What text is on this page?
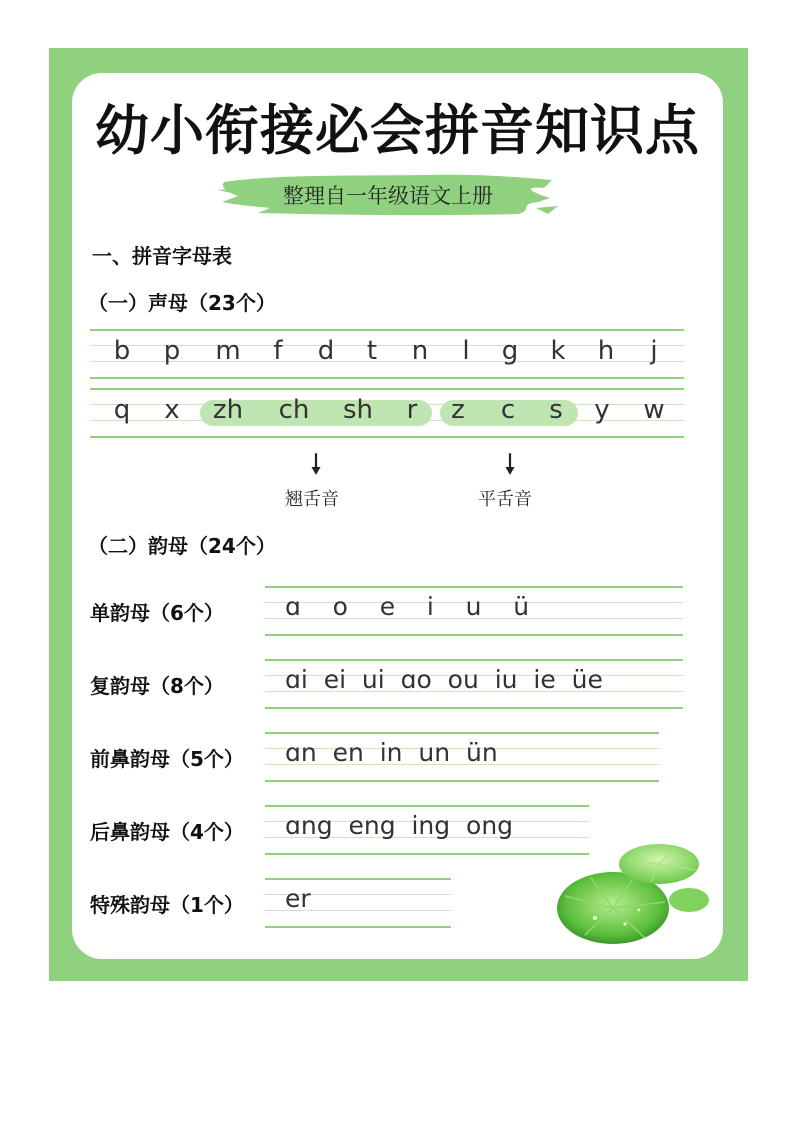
幼小衔接必会拼音知识点
整理自一年级语文上册
一、拼音字母表
（一）声母（23个）
b	p	m	f	d	t	n	l	g	k	h	j
q	x	zh ch sh	r	z	c	s	y	w
🠗	🠗
翘舌音	平舌音
（二）韵母（24个）
单韵母（6个） ɑ    o    e    i    u    ü
复韵母（8个） ɑi  ei  ui  ɑo  ou  iu  ie  üe
前鼻韵母（5个） ɑn  en  in  un  ün
后鼻韵母（4个） ɑng  eng  ing  ong
特殊韵母（1个） er
